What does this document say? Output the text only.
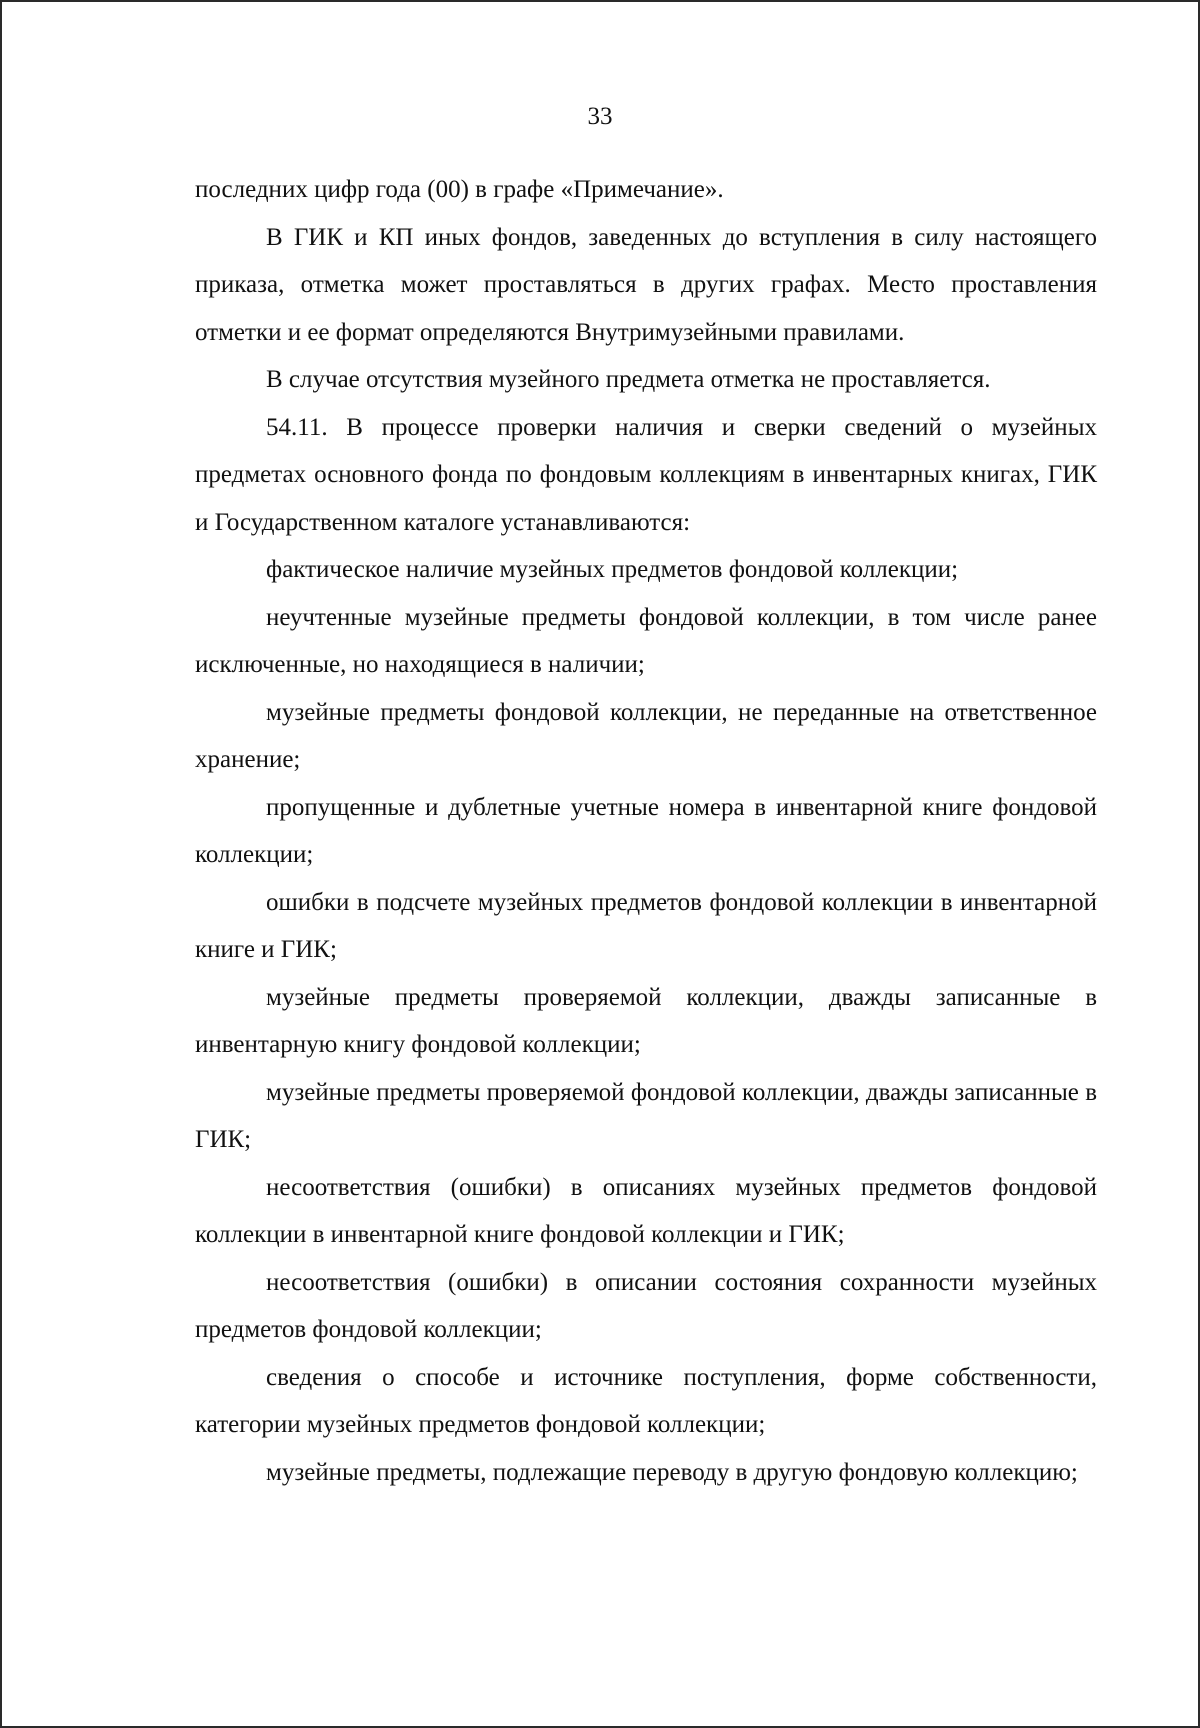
33

последних цифр года (00) в графе «Примечание».

В ГИК и КП иных фондов, заведенных до вступления в силу настоящего приказа, отметка может проставляться в других графах. Место проставления отметки и ее формат определяются Внутримузейными правилами.

В случае отсутствия музейного предмета отметка не проставляется.

54.11. В процессе проверки наличия и сверки сведений о музейных предметах основного фонда по фондовым коллекциям в инвентарных книгах, ГИК и Государственном каталоге устанавливаются:

фактическое наличие музейных предметов фондовой коллекции;

неучтенные музейные предметы фондовой коллекции, в том числе ранее исключенные, но находящиеся в наличии;

музейные предметы фондовой коллекции, не переданные на ответственное хранение;

пропущенные и дублетные учетные номера в инвентарной книге фондовой коллекции;

ошибки в подсчете музейных предметов фондовой коллекции в инвентарной книге и ГИК;

музейные предметы проверяемой коллекции, дважды записанные в инвентарную книгу фондовой коллекции;

музейные предметы проверяемой фондовой коллекции, дважды записанные в ГИК;

несоответствия (ошибки) в описаниях музейных предметов фондовой коллекции в инвентарной книге фондовой коллекции и ГИК;

несоответствия (ошибки) в описании состояния сохранности музейных предметов фондовой коллекции;

сведения о способе и источнике поступления, форме собственности, категории музейных предметов фондовой коллекции;

музейные предметы, подлежащие переводу в другую фондовую коллекцию;
